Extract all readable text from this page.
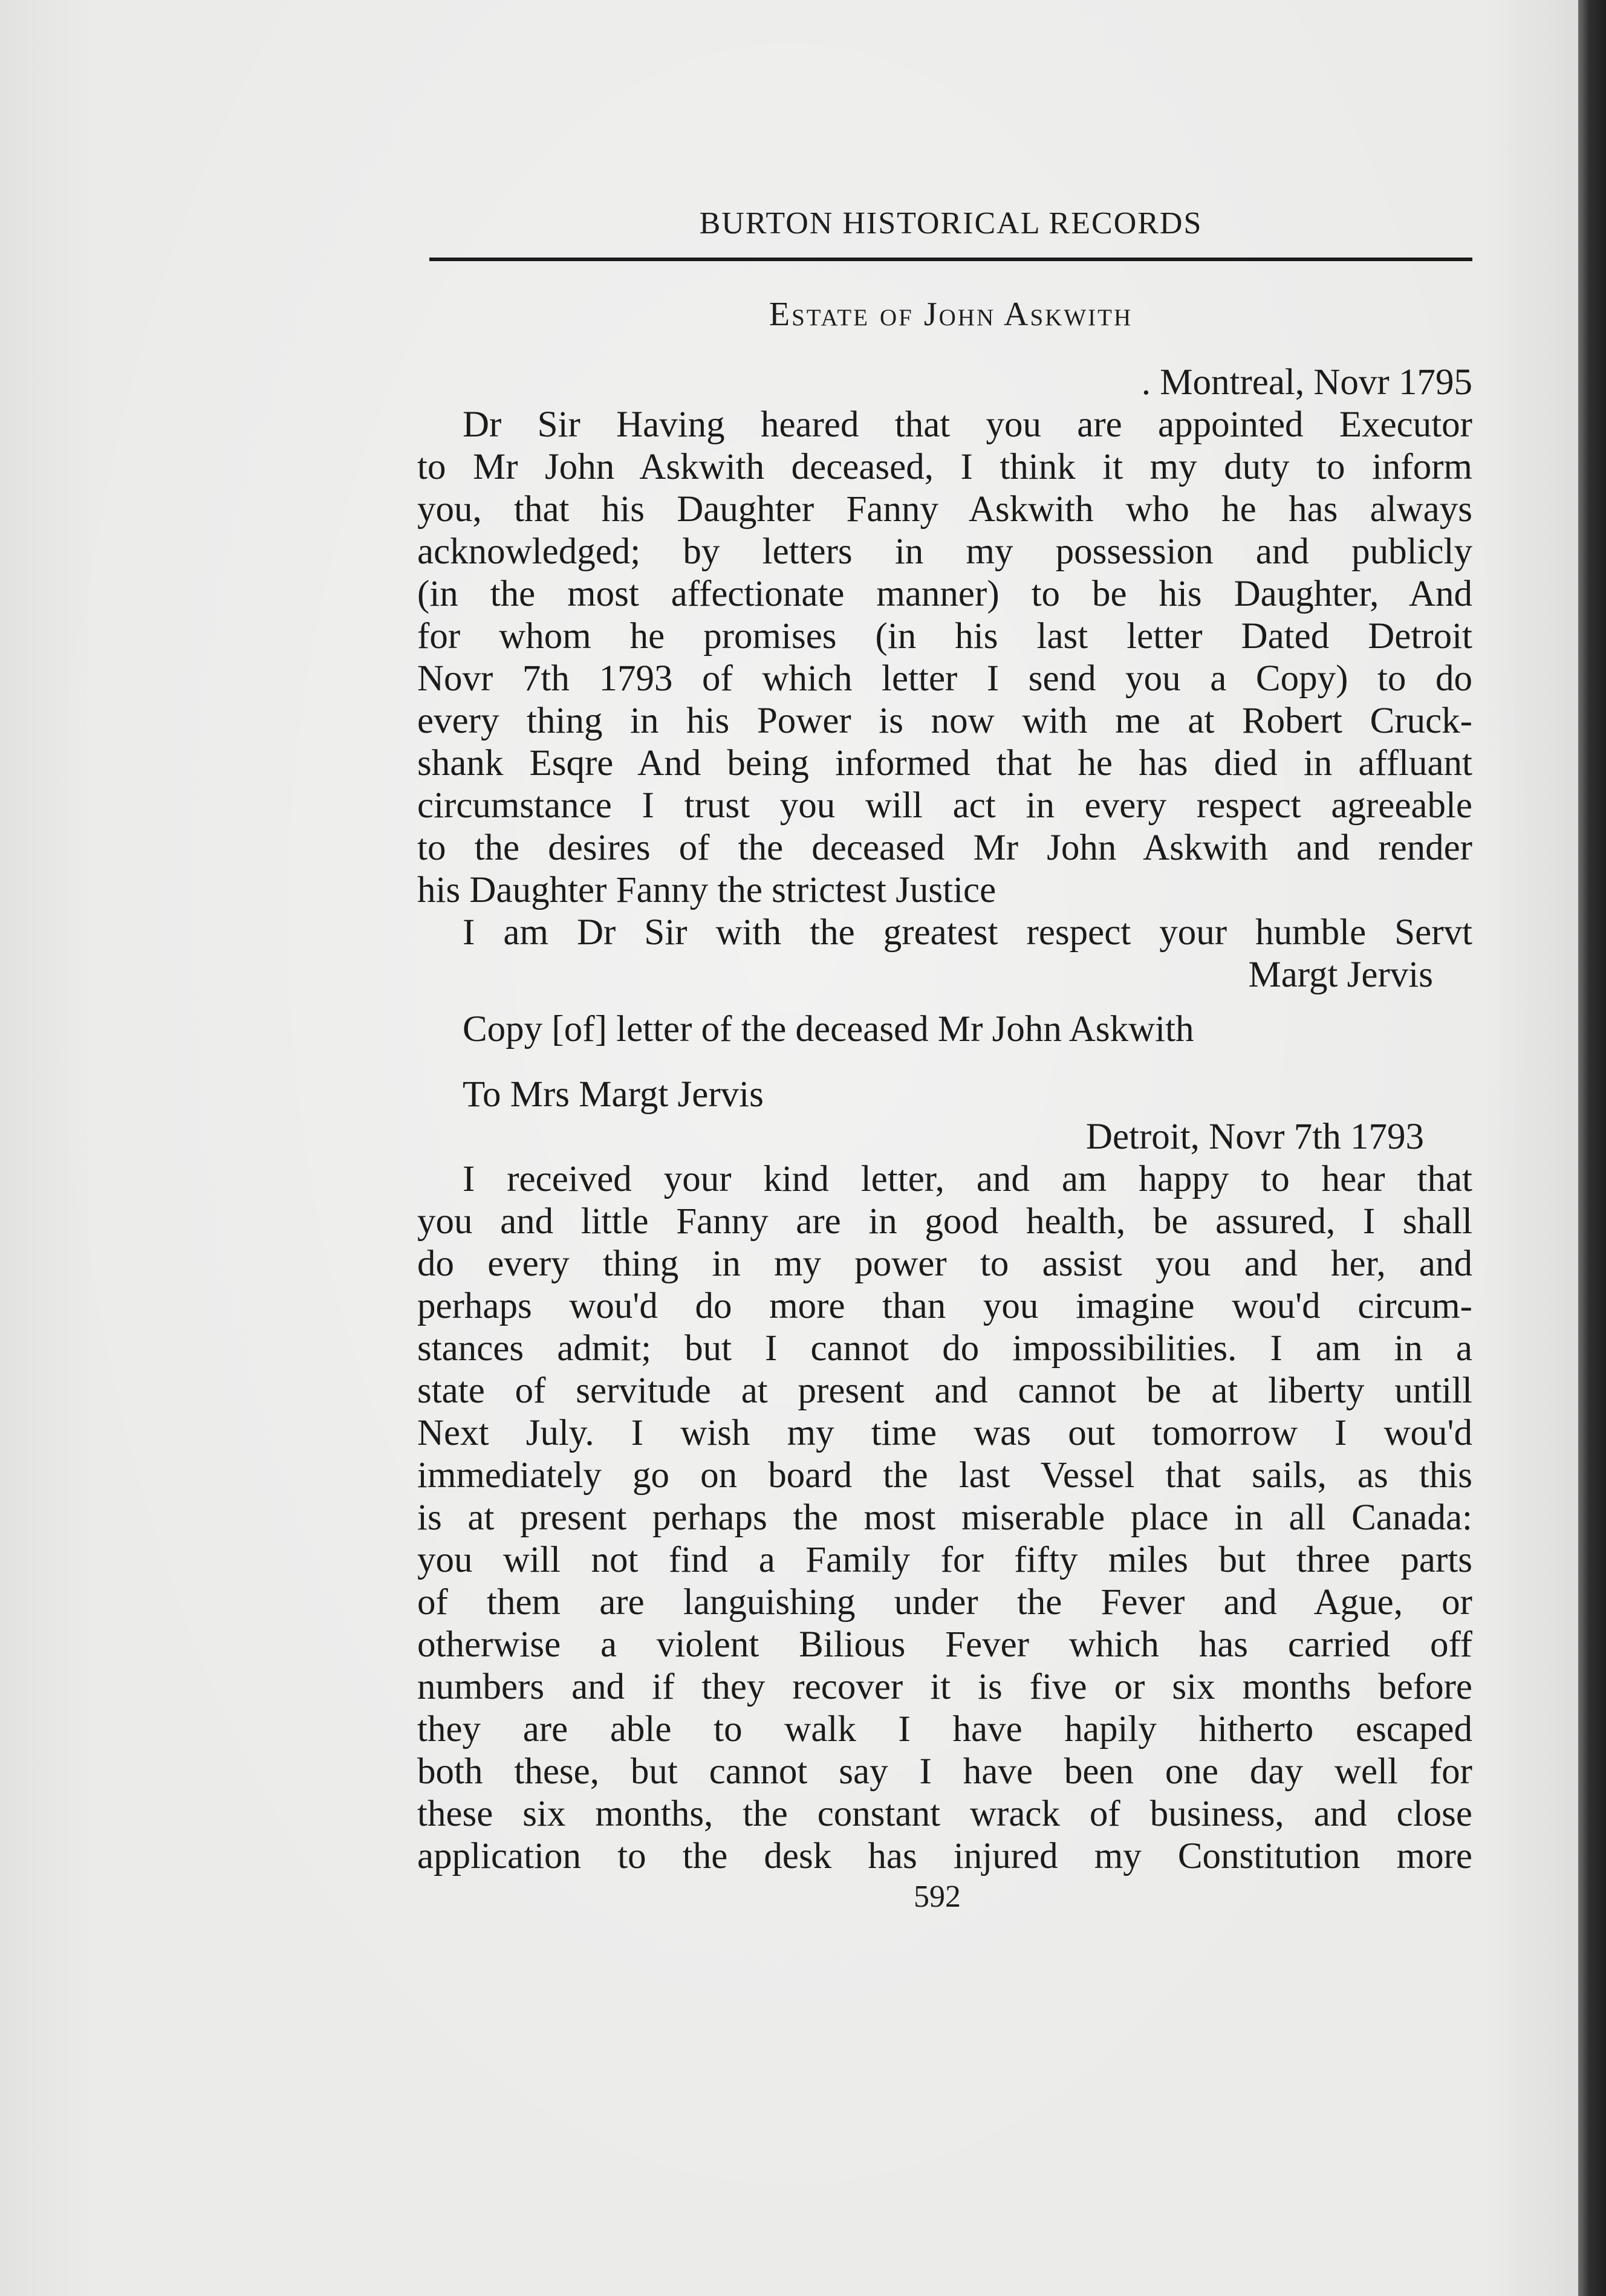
BURTON HISTORICAL RECORDS
Estate of John Askwith

. Montreal, Novr 1795

Dr Sir Having heared that you are appointed Executor

to Mr John Askwith deceased, I think it my duty to inform

you, that his Daughter Fanny Askwith who he has always

acknowledged; by letters in my possession and publicly

(in the most affectionate manner) to be his Daughter, And

for whom he promises (in his last letter Dated Detroit

Novr 7th 1793 of which letter I send you a Copy) to do

every thing in his Power is now with me at Robert Cruck-

shank Esqre And being informed that he has died in affluant

circumstance I trust you will act in every respect agreeable

to the desires of the deceased Mr John Askwith and render

his Daughter Fanny the strictest Justice

I am Dr Sir with the greatest respect your humble Servt

Margt Jervis

Copy [of] letter of the deceased Mr John Askwith

To Mrs Margt Jervis

Detroit, Novr 7th 1793

I received your kind letter, and am happy to hear that

you and little Fanny are in good health, be assured, I shall

do every thing in my power to assist you and her, and

perhaps wou'd do more than you imagine wou'd circum-

stances admit; but I cannot do impossibilities. I am in a

state of servitude at present and cannot be at liberty untill

Next July. I wish my time was out tomorrow I wou'd

immediately go on board the last Vessel that sails, as this

is at present perhaps the most miserable place in all Canada:

you will not find a Family for fifty miles but three parts

of them are languishing under the Fever and Ague, or

otherwise a violent Bilious Fever which has carried off

numbers and if they recover it is five or six months before

they are able to walk I have hapily hitherto escaped

both these, but cannot say I have been one day well for

these six months, the constant wrack of business, and close

application to the desk has injured my Constitution more

592
